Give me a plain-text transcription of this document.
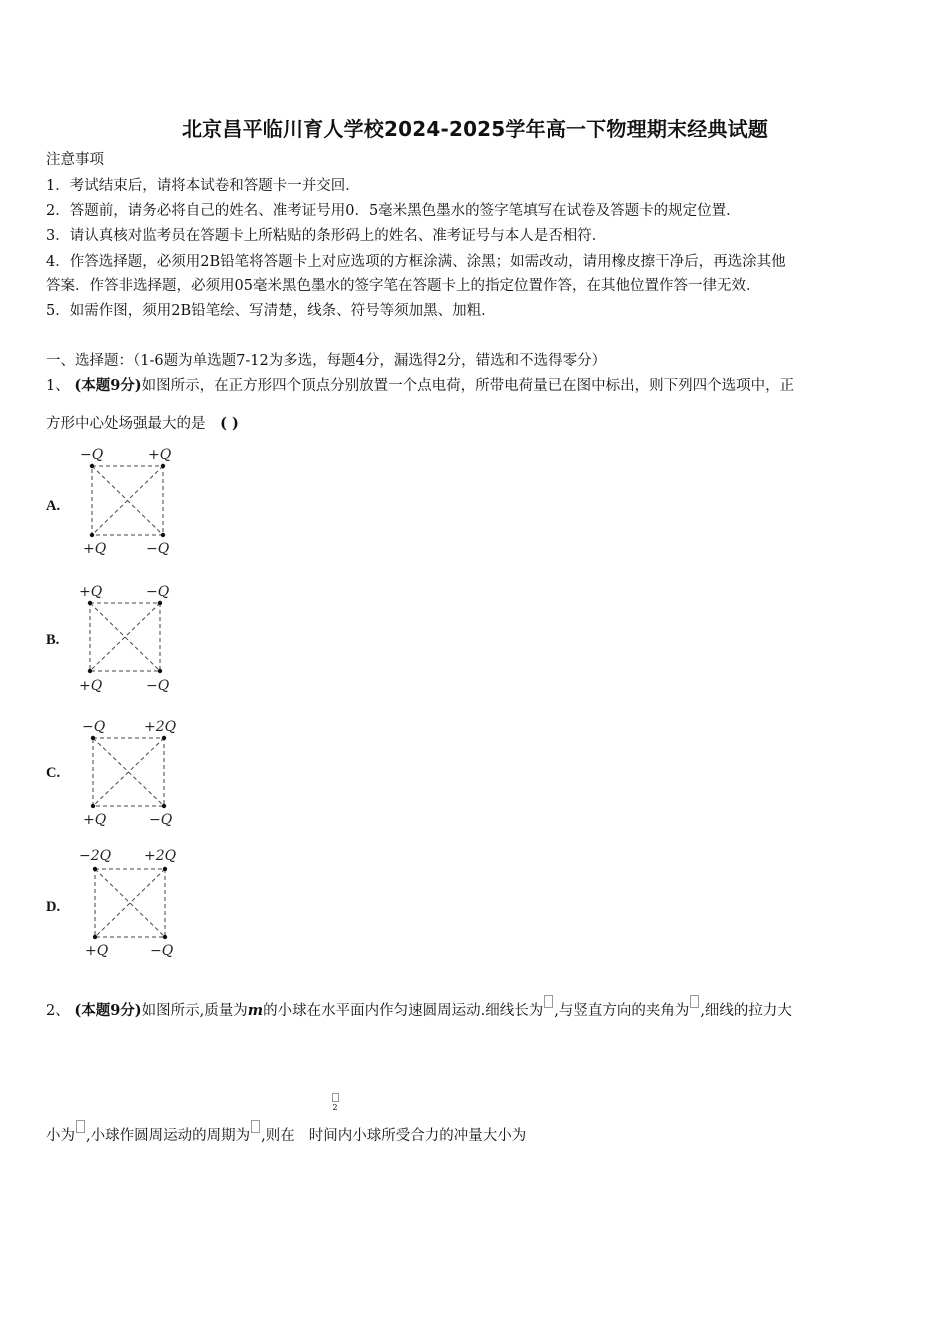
北京昌平临川育人学校2024-2025学年高一下物理期末经典试题
注意事项
1．考试结束后，请将本试卷和答题卡一并交回．
2．答题前，请务必将自己的姓名、准考证号用0．5毫米黑色墨水的签字笔填写在试卷及答题卡的规定位置．
3．请认真核对监考员在答题卡上所粘贴的条形码上的姓名、准考证号与本人是否相符．
4．作答选择题，必须用2B铅笔将答题卡上对应选项的方框涂满、涂黑；如需改动，请用橡皮擦干净后，再选涂其他
答案．作答非选择题，必须用05毫米黑色墨水的签字笔在答题卡上的指定位置作答，在其他位置作答一律无效．
5．如需作图，须用2B铅笔绘、写清楚，线条、符号等须加黑、加粗．
一、选择题：（1-6题为单选题7-12为多选，每题4分，漏选得2分，错选和不选得零分）
1、 (本题9分)如图所示，在正方形四个顶点分别放置一个点电荷，所带电荷量已在图中标出，则下列四个选项中，正
方形中心处场强最大的是 ( )
A.
−Q	+Q
+Q	−Q
B.
+Q	−Q
+Q	−Q
C.
−Q	+2Q
+Q	−Q
D.
−2Q +2Q
+Q	−Q
2、 (本题9分)如图所示,质量为m的小球在水平面内作匀速圆周运动.细线长为 ,与竖直方向的夹角为 ,细线的拉力大
2
小为 ,小球作圆周运动的周期为 ,则在 时间内小球所受合力的冲量大小为
